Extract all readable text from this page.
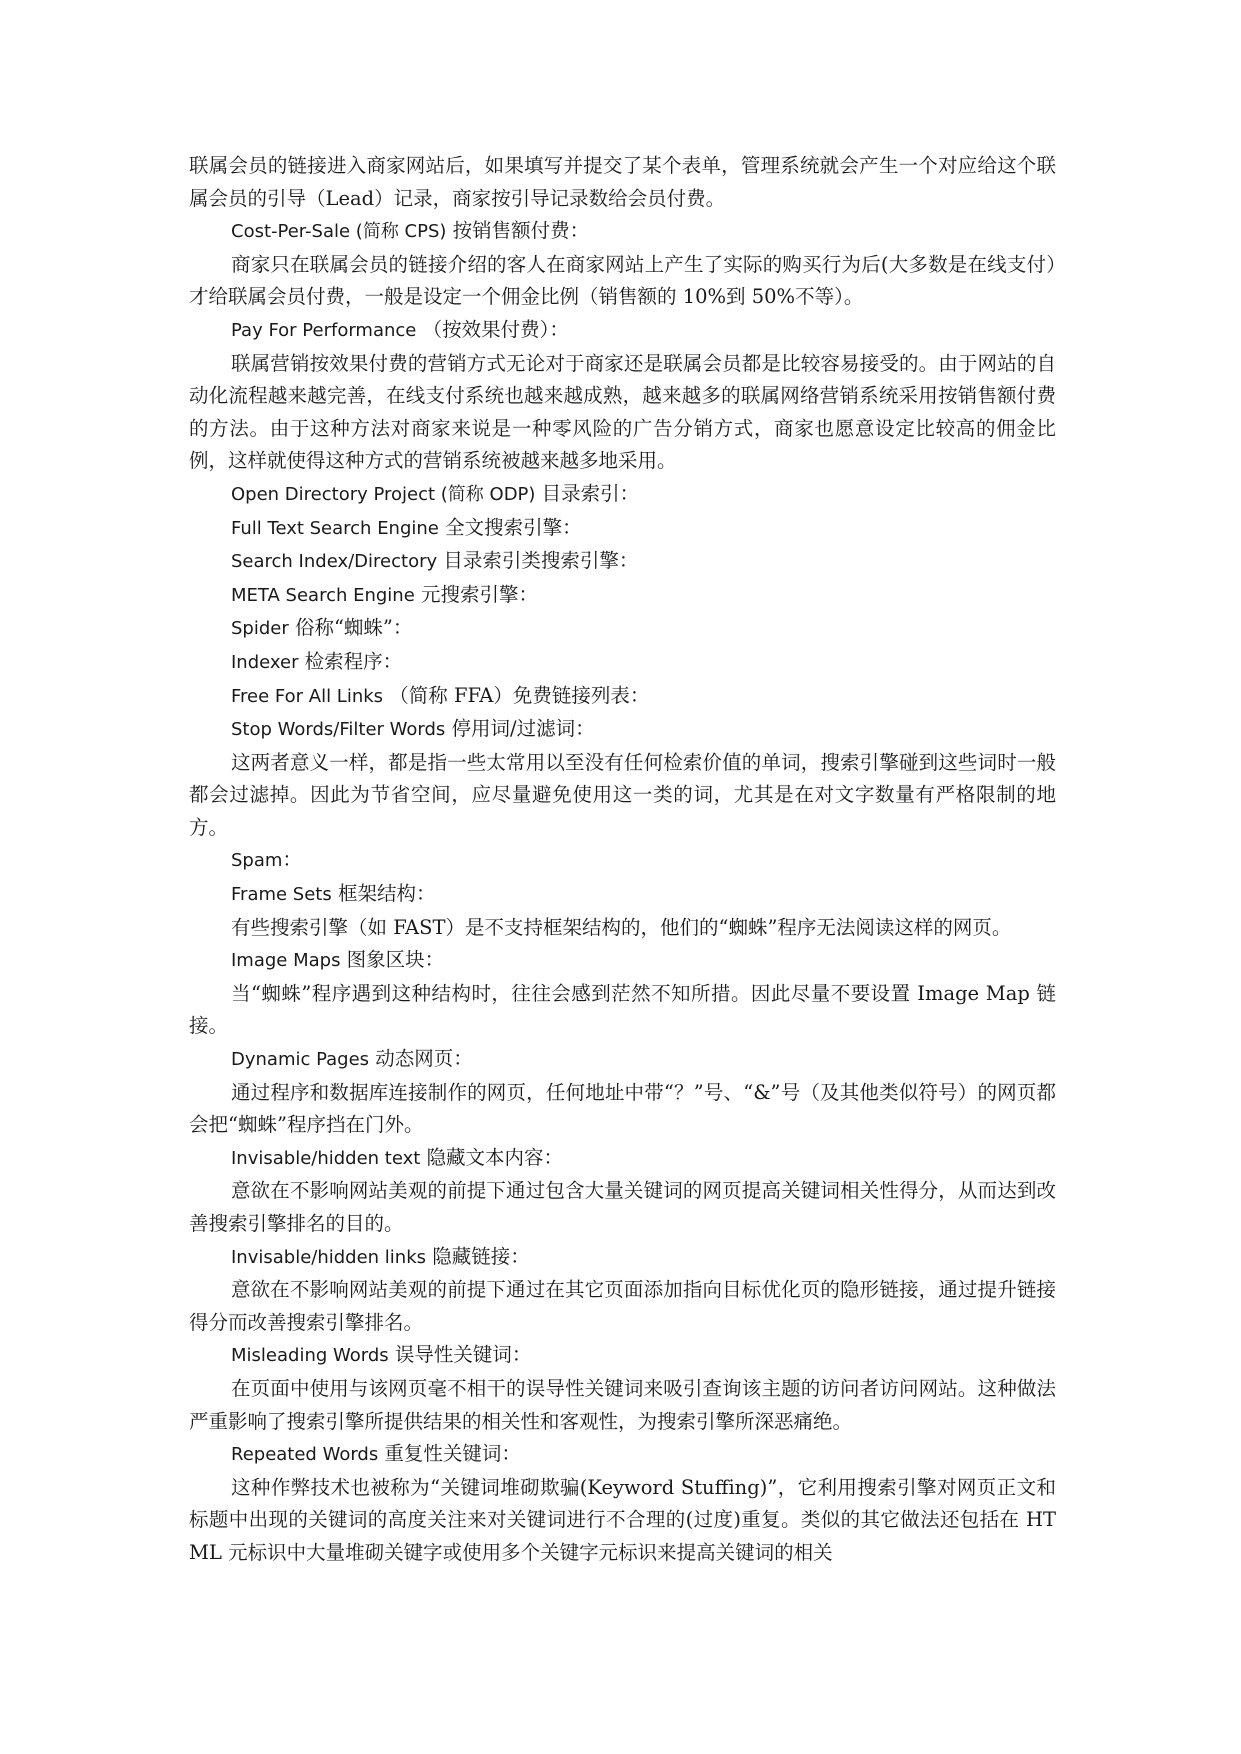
联属会员的链接进入商家网站后，如果填写并提交了某个表单，管理系统就会产生一个对应给这个联属会员的引导（Lead）记录，商家按引导记录数给会员付费。

Cost-Per-Sale (简称 CPS) 按销售额付费：

商家只在联属会员的链接介绍的客人在商家网站上产生了实际的购买行为后(大多数是在线支付）才给联属会员付费，一般是设定一个佣金比例（销售额的 10%到 50%不等）。

Pay For Performance （按效果付费）：

联属营销按效果付费的营销方式无论对于商家还是联属会员都是比较容易接受的。由于网站的自动化流程越来越完善，在线支付系统也越来越成熟，越来越多的联属网络营销系统采用按销售额付费的方法。由于这种方法对商家来说是一种零风险的广告分销方式，商家也愿意设定比较高的佣金比例，这样就使得这种方式的营销系统被越来越多地采用。

Open Directory Project (简称 ODP) 目录索引：
Full Text Search Engine 全文搜索引擎：
Search Index/Directory 目录索引类搜索引擎：
META Search Engine 元搜索引擎：
Spider 俗称“蜘蛛”：
Indexer 检索程序：
Free For All Links （简称 FFA）免费链接列表：
Stop Words/Filter Words 停用词/过滤词：

这两者意义一样，都是指一些太常用以至没有任何检索价值的单词，搜索引擎碰到这些词时一般都会过滤掉。因此为节省空间，应尽量避免使用这一类的词，尤其是在对文字数量有严格限制的地方。

Spam：
Frame Sets 框架结构：

有些搜索引擎（如 FAST）是不支持框架结构的，他们的“蜘蛛”程序无法阅读这样的网页。

Image Maps 图象区块：

当“蜘蛛”程序遇到这种结构时，往往会感到茫然不知所措。因此尽量不要设置 Image Map 链接。

Dynamic Pages 动态网页：

通过程序和数据库连接制作的网页，任何地址中带“？”号、“&”号（及其他类似符号）的网页都会把“蜘蛛”程序挡在门外。

Invisable/hidden text 隐藏文本内容：

意欲在不影响网站美观的前提下通过包含大量关键词的网页提高关键词相关性得分，从而达到改善搜索引擎排名的目的。

Invisable/hidden links 隐藏链接：

意欲在不影响网站美观的前提下通过在其它页面添加指向目标优化页的隐形链接，通过提升链接得分而改善搜索引擎排名。

Misleading Words 误导性关键词：

在页面中使用与该网页毫不相干的误导性关键词来吸引查询该主题的访问者访问网站。这种做法严重影响了搜索引擎所提供结果的相关性和客观性，为搜索引擎所深恶痛绝。

Repeated Words 重复性关键词：

这种作弊技术也被称为“关键词堆砌欺骗(Keyword Stuffing)”，它利用搜索引擎对网页正文和标题中出现的关键词的高度关注来对关键词进行不合理的(过度)重复。类似的其它做法还包括在 HTML 元标识中大量堆砌关键字或使用多个关键字元标识来提高关键词的相关
